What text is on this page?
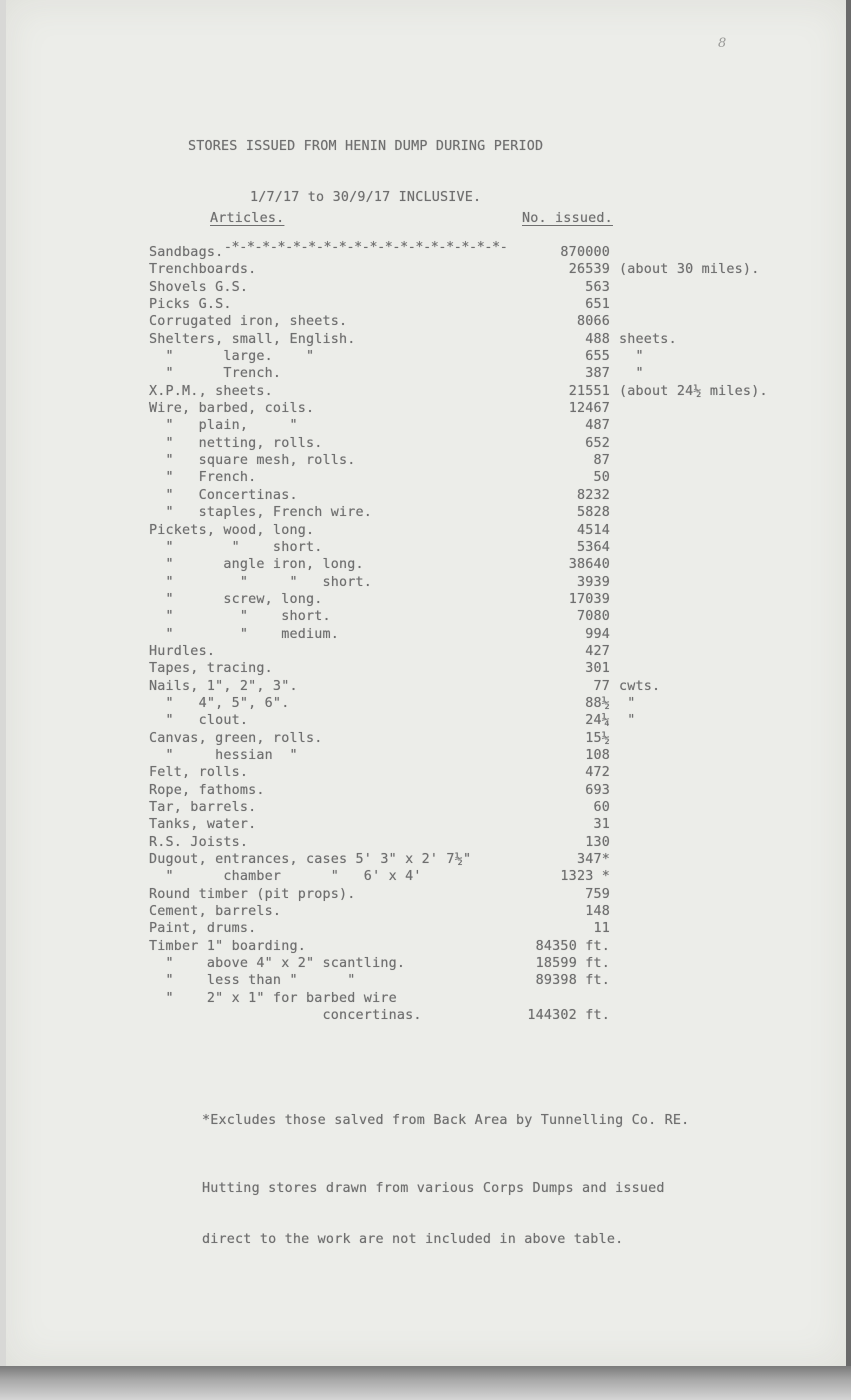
8

STORES ISSUED FROM HENIN DUMP DURING PERIOD

1/7/17 to 30/9/17 INCLUSIVE.

-*-*-*-*-*-*-*-*-*-*-*-*-*-*-*-*-*-*-

Articles.	No. issued.
Sandbags.	870000
Trenchboards.	26539 (about 30 miles).
Shovels G.S.	563
Picks G.S.	651
Corrugated iron, sheets.	8066
Shelters, small, English.	488 sheets.
"      large.    "	655 "
"      Trench.	387 "
X.P.M., sheets.	21551 (about 24½ miles).
Wire, barbed, coils.	12467
"   plain,     "	487
"   netting, rolls.	652
"   square mesh, rolls.	87
"   French.	50
"   Concertinas.	8232
"   staples, French wire.	5828
Pickets, wood, long.	4514
"       "    short.	5364
"      angle iron, long.	38640
"        "     "   short.	3939
"      screw, long.	17039
"        "    short.	7080
"        "    medium.	994
Hurdles.	427
Tapes, tracing.	301
Nails, 1", 2", 3".	77 cwts.
"   4", 5", 6".	88½ "
"   clout.	24¼ "
Canvas, green, rolls.	15½
"     hessian  "	108
Felt, rolls.	472
Rope, fathoms.	693
Tar, barrels.	60
Tanks, water.	31
R.S. Joists.	130
Dugout, entrances, cases 5' 3" x 2' 7½"	347*
"      chamber      "   6' x 4'	1323 *
Round timber (pit props).	759
Cement, barrels.	148
Paint, drums.	11
Timber 1" boarding.	84350 ft.
"    above 4" x 2" scantling.	18599 ft.
"    less than "      "	89398 ft.
"    2" x 1" for barbed wire
concertinas.	144302 ft.

*Excludes those salved from Back Area by Tunnelling Co. RE.

Hutting stores drawn from various Corps Dumps and issued

direct to the work are not included in above table.
